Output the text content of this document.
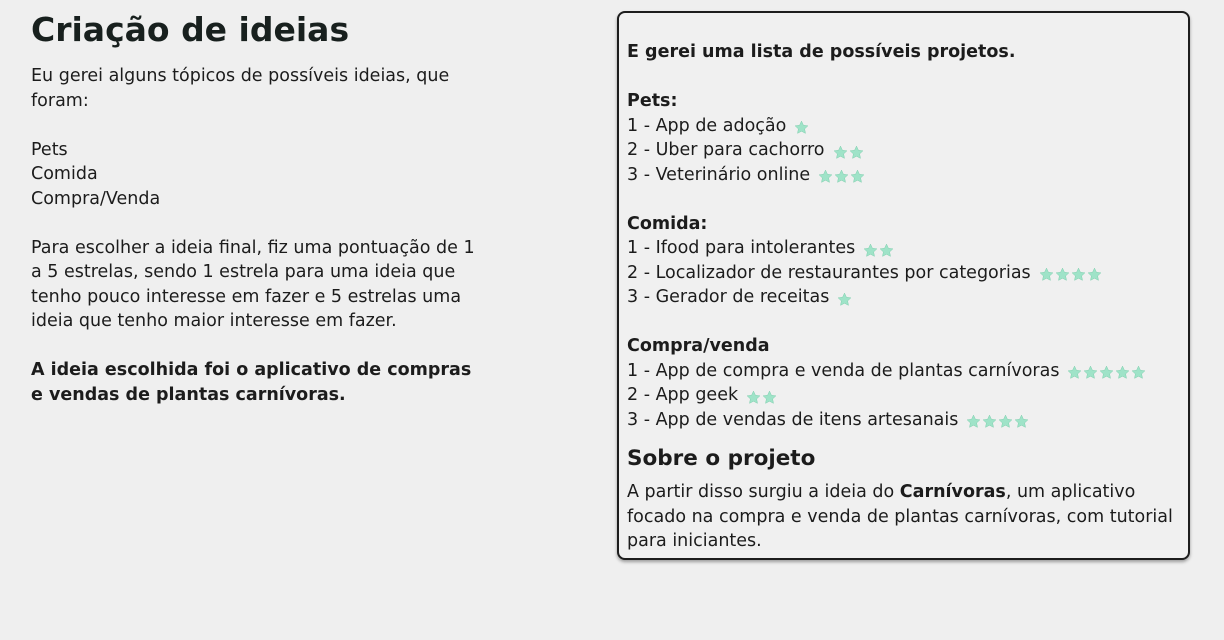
Criação de ideias

Eu gerei alguns tópicos de possíveis ideias, que foram:

Pets

Comida

Compra/Venda

Para escolher a ideia final, fiz uma pontuação de 1 a 5 estrelas, sendo 1 estrela para uma ideia que tenho pouco interesse em fazer e 5 estrelas uma ideia que tenho maior interesse em fazer.

A ideia escolhida foi o aplicativo de compras e vendas de plantas carnívoras.

E gerei uma lista de possíveis projetos.
Pets:
1 - App de adoção
2 - Uber para cachorro
3 - Veterinário online
Comida:
1 - Ifood para intolerantes
2 - Localizador de restaurantes por categorias
3 - Gerador de receitas
Compra/venda
1 - App de compra e venda de plantas carnívoras
2 - App geek
3 - App de vendas de itens artesanais
Sobre o projeto

A partir disso surgiu a ideia do Carnívoras, um aplicativo focado na compra e venda de plantas carnívoras, com tutorial para iniciantes.
